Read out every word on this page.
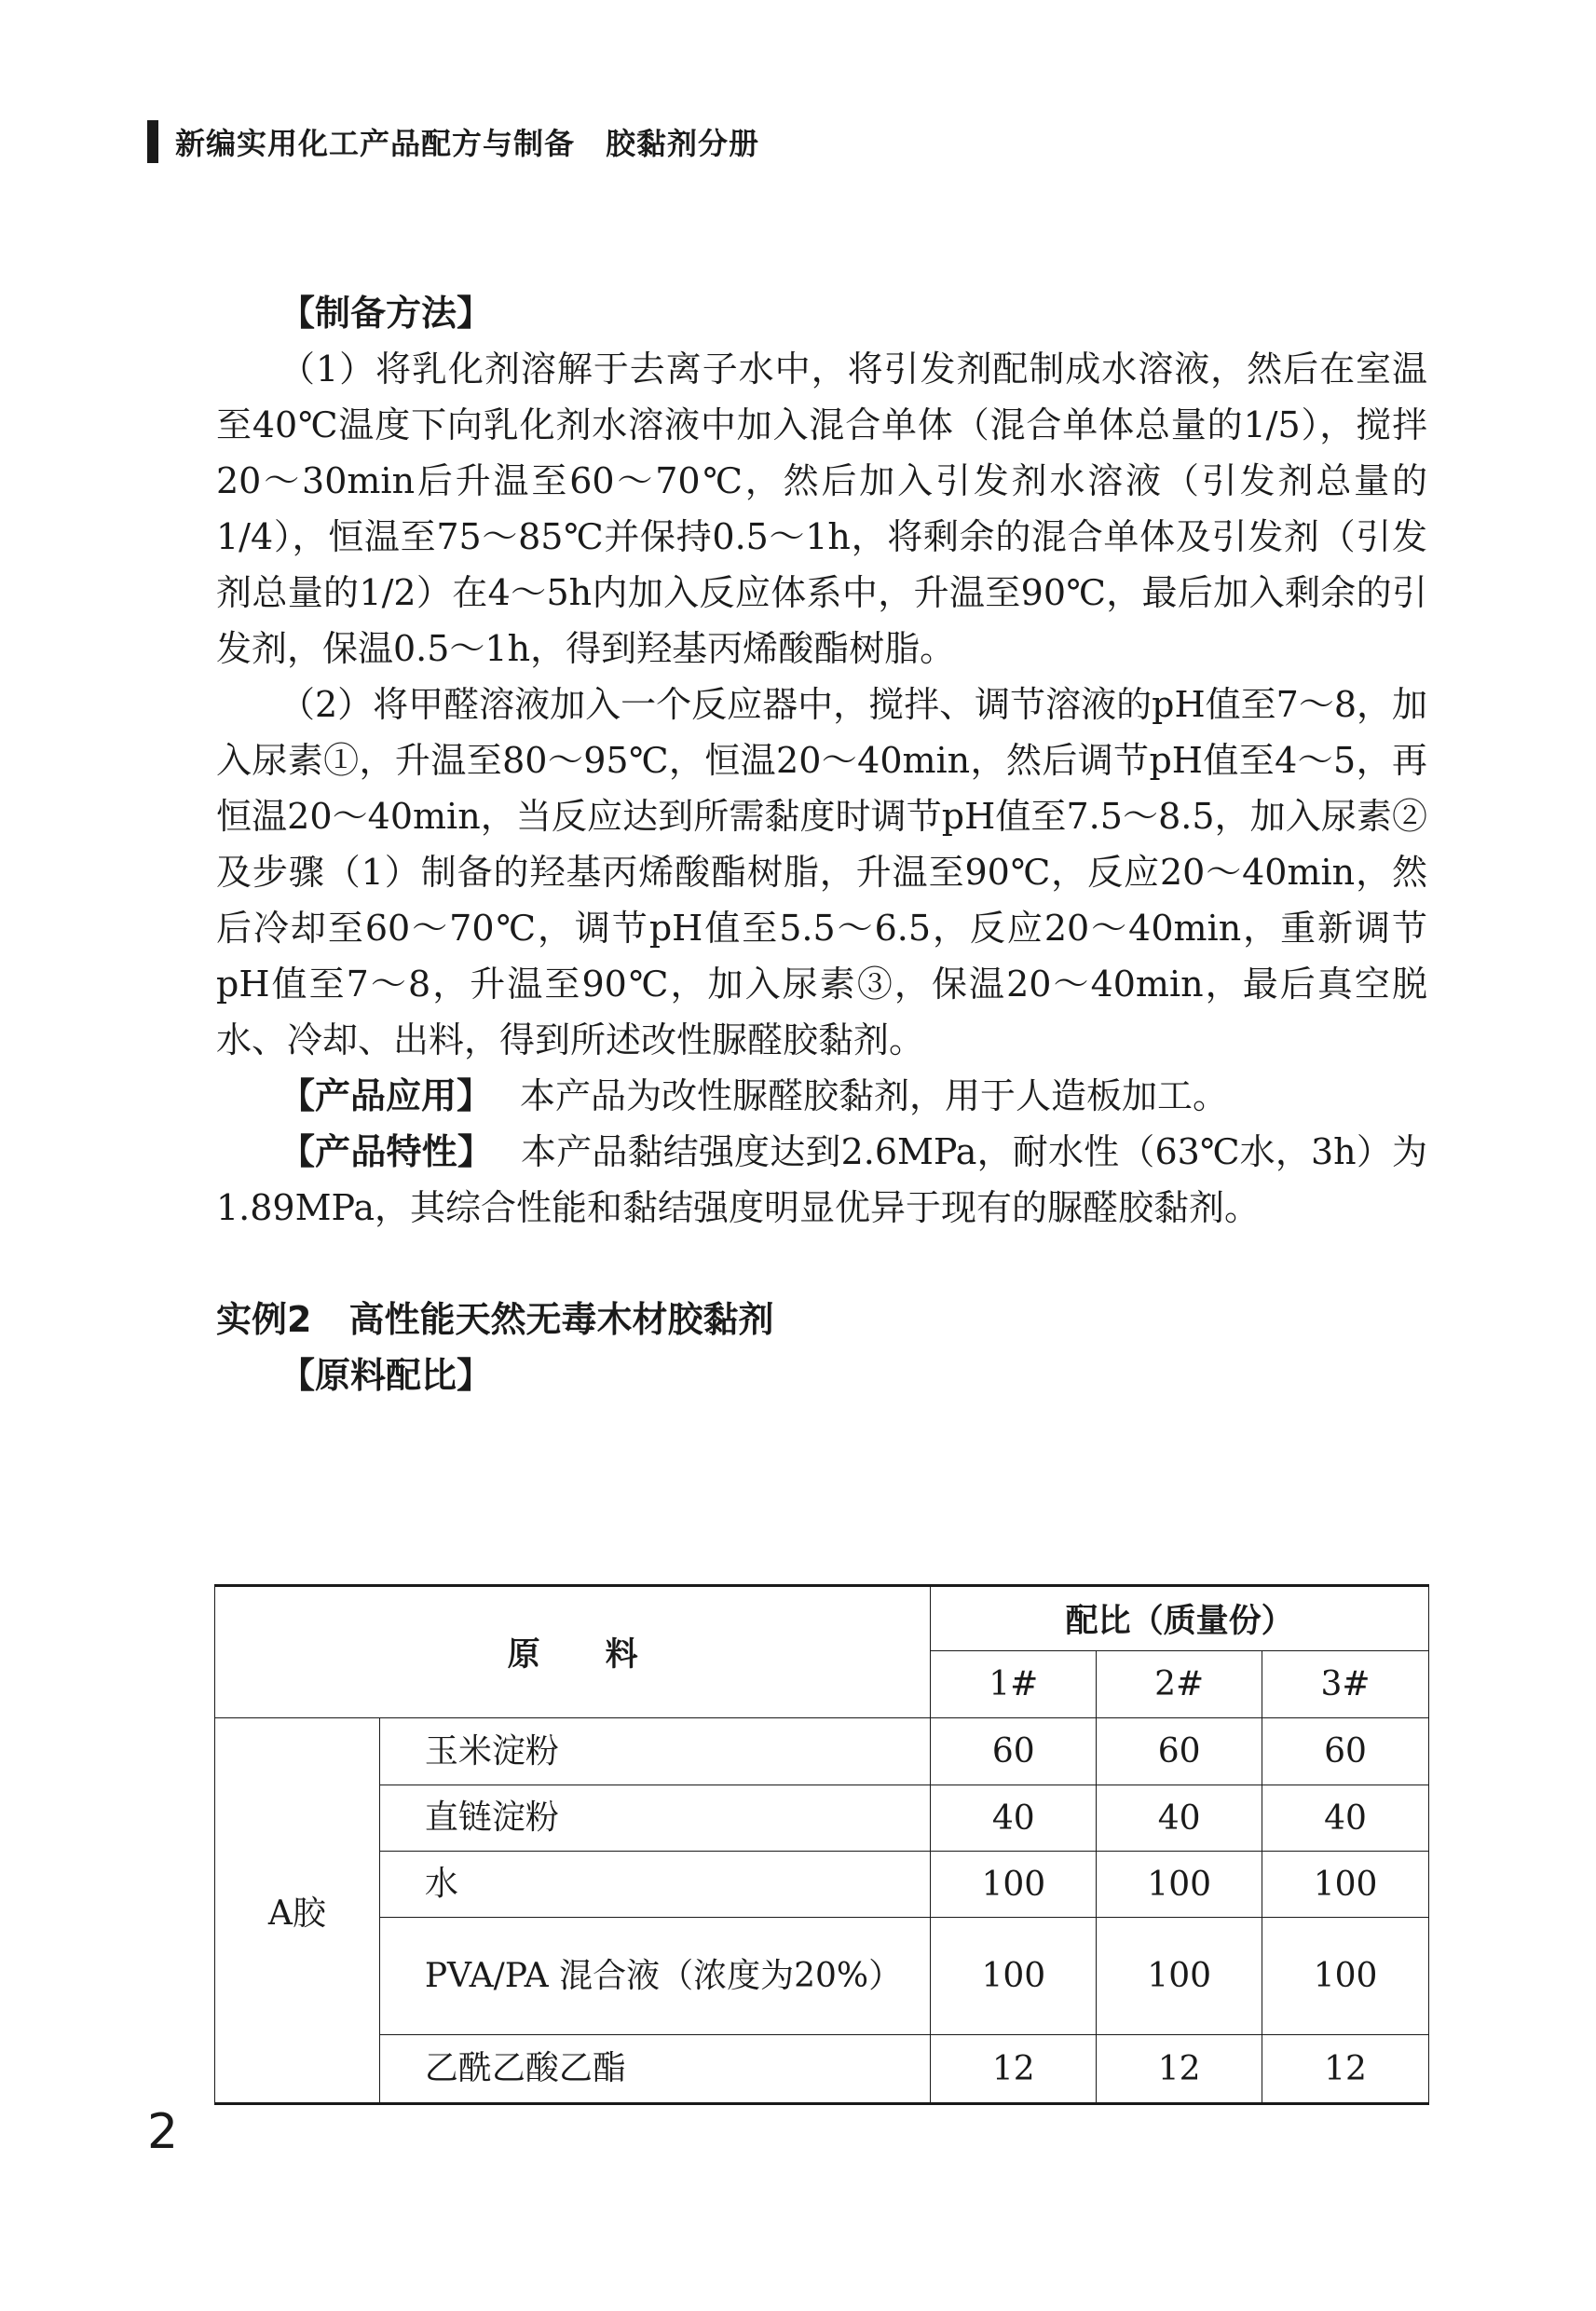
新编实用化工产品配方与制备　胶黏剂分册
【制备方法】

（1）将乳化剂溶解于去离子水中，将引发剂配制成水溶液，然后在室温至40℃温度下向乳化剂水溶液中加入混合单体（混合单体总量的1/5），搅拌20～30min后升温至60～70℃，然后加入引发剂水溶液（引发剂总量的1/4），恒温至75～85℃并保持0.5～1h，将剩余的混合单体及引发剂（引发剂总量的1/2）在4～5h内加入反应体系中，升温至90℃，最后加入剩余的引发剂，保温0.5～1h，得到羟基丙烯酸酯树脂。

（2）将甲醛溶液加入一个反应器中，搅拌、调节溶液的pH值至7～8，加入尿素①，升温至80～95℃，恒温20～40min，然后调节pH值至4～5，再恒温20～40min，当反应达到所需黏度时调节pH值至7.5～8.5，加入尿素②及步骤（1）制备的羟基丙烯酸酯树脂，升温至90℃，反应20～40min，然后冷却至60～70℃，调节pH值至5.5～6.5，反应20～40min，重新调节pH值至7～8，升温至90℃，加入尿素③，保温20～40min，最后真空脱水、冷却、出料，得到所述改性脲醛胶黏剂。

【产品应用】 本产品为改性脲醛胶黏剂，用于人造板加工。

【产品特性】 本产品黏结强度达到2.6MPa，耐水性（63℃水，3h）为1.89MPa，其综合性能和黏结强度明显优异于现有的脲醛胶黏剂。

实例2 高性能天然无毒木材胶黏剂
【原料配比】
原　　料		配比（质量份）		
		1#	2#	3#
A胶	玉米淀粉	60	60	60
	直链淀粉	40	40	40
	水	100	100	100
	PVA/PA 混合液（浓度为20%）	100	100	100
	乙酰乙酸乙酯	12	12	12
2
